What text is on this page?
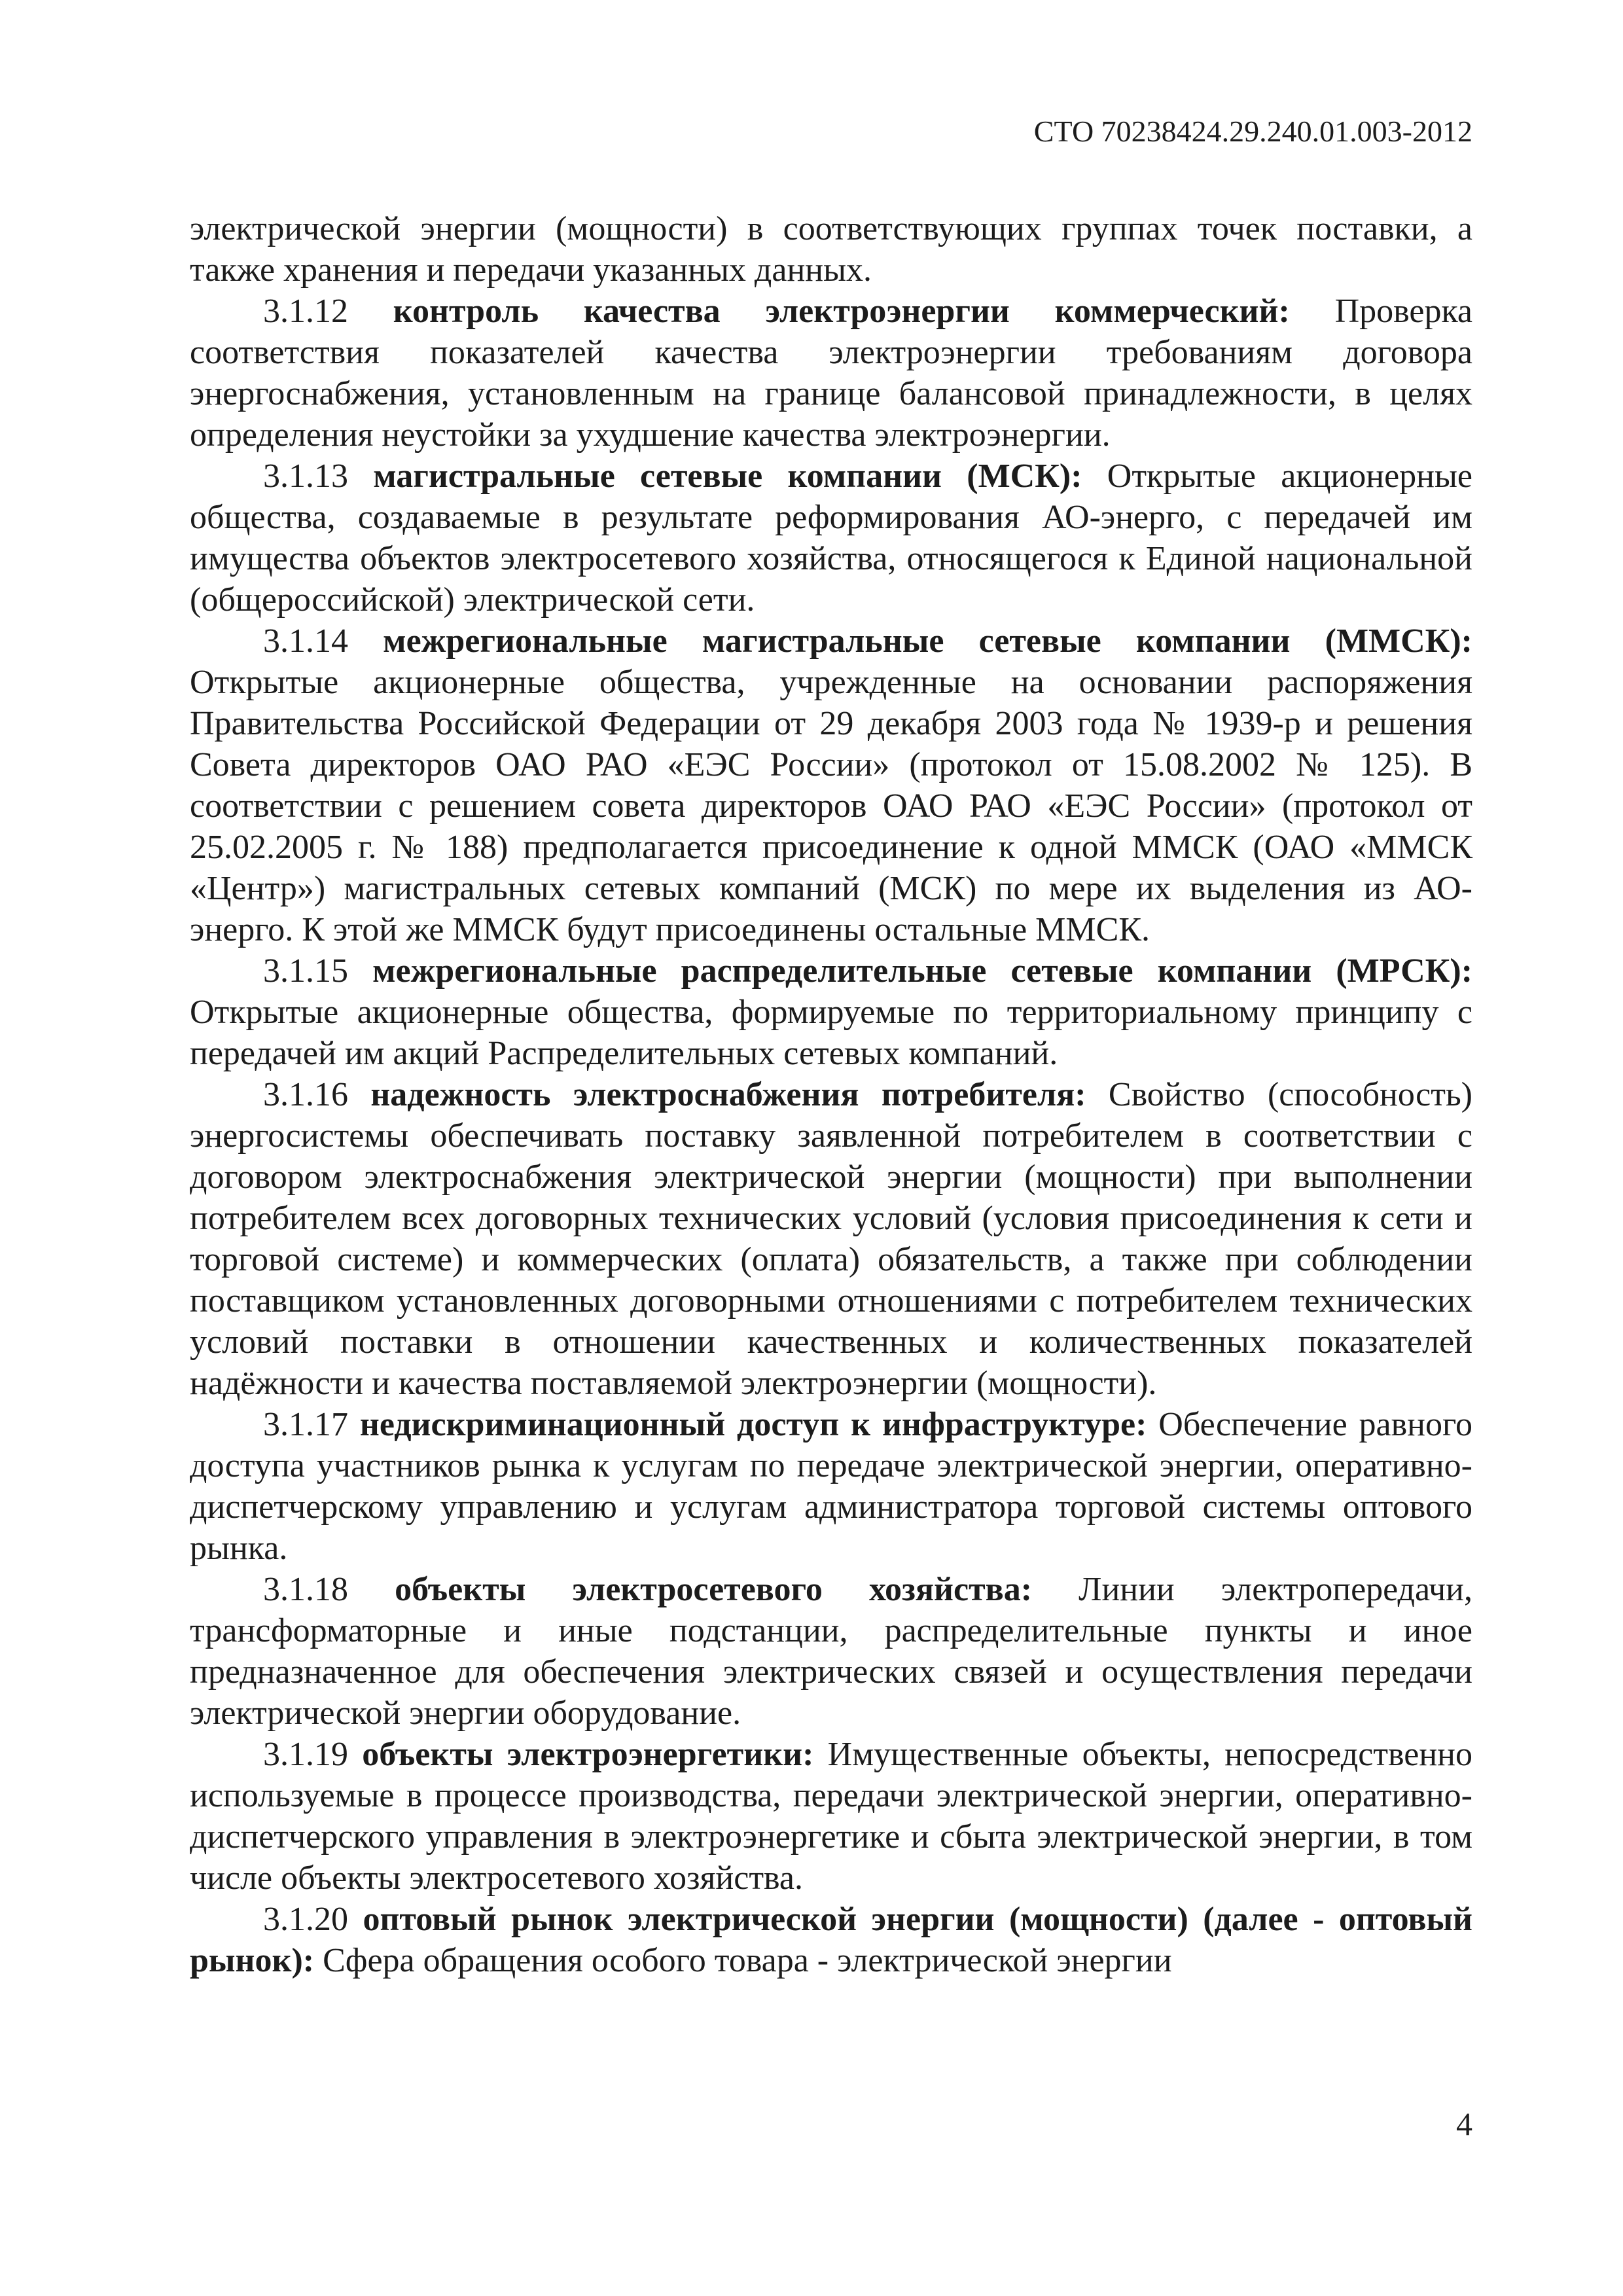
СТО 70238424.29.240.01.003-2012

электрической энергии (мощности) в соответствующих группах точек поставки, а также хранения и передачи указанных данных.

3.1.12 контроль качества электроэнергии коммерческий: Проверка соответствия показателей качества электроэнергии требованиям договора энергоснабжения, установленным на границе балансовой принадлежности, в целях определения неустойки за ухудшение качества электроэнергии.

3.1.13 магистральные сетевые компании (МСК): Открытые акционерные общества, создаваемые в результате реформирования АО-энерго, с передачей им имущества объектов электросетевого хозяйства, относящегося к Единой национальной (общероссийской) электрической сети.

3.1.14 межрегиональные магистральные сетевые компании (ММСК): Открытые акционерные общества, учрежденные на основании распоряжения Правительства Российской Федерации от 29 декабря 2003 года № 1939-р и решения Совета директоров ОАО РАО «ЕЭС России» (протокол от 15.08.2002 № 125). В соответствии с решением совета директоров ОАО РАО «ЕЭС России» (протокол от 25.02.2005 г. № 188) предполагается присоединение к одной ММСК (ОАО «ММСК «Центр») магистральных сетевых компаний (МСК) по мере их выделения из АО-энерго. К этой же ММСК будут присоединены остальные ММСК.

3.1.15 межрегиональные распределительные сетевые компании (МРСК): Открытые акционерные общества, формируемые по территориальному принципу с передачей им акций Распределительных сетевых компаний.

3.1.16 надежность электроснабжения потребителя: Свойство (способность) энергосистемы обеспечивать поставку заявленной потребителем в соответствии с договором электроснабжения электрической энергии (мощности) при выполнении потребителем всех договорных технических условий (условия присоединения к сети и торговой системе) и коммерческих (оплата) обязательств, а также при соблюдении поставщиком установленных договорными отношениями с потребителем технических условий поставки в отношении качественных и количественных показателей надёжности и качества поставляемой электроэнергии (мощности).

3.1.17 недискриминационный доступ к инфраструктуре: Обеспечение равного доступа участников рынка к услугам по передаче электрической энергии, оперативно-диспетчерскому управлению и услугам администратора торговой системы оптового рынка.

3.1.18 объекты электросетевого хозяйства: Линии электропередачи, трансформаторные и иные подстанции, распределительные пункты и иное предназначенное для обеспечения электрических связей и осуществления передачи электрической энергии оборудование.

3.1.19 объекты электроэнергетики: Имущественные объекты, непосредственно используемые в процессе производства, передачи электрической энергии, оперативно-диспетчерского управления в электроэнергетике и сбыта электрической энергии, в том числе объекты электросетевого хозяйства.

3.1.20 оптовый рынок электрической энергии (мощности) (далее - оптовый рынок): Сфера обращения особого товара - электрической энергии

4
